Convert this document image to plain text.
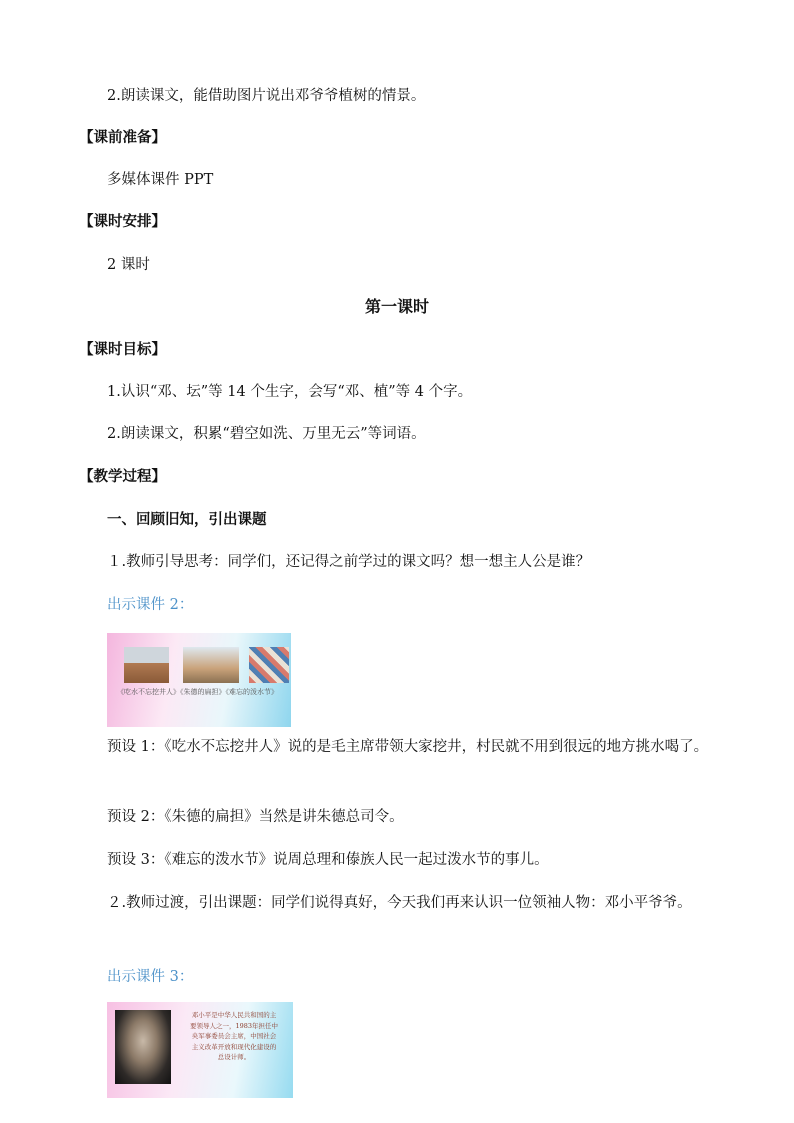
2.朗读课文，能借助图片说出邓爷爷植树的情景。
【课前准备】
多媒体课件 PPT
【课时安排】
2 课时
第一课时
【课时目标】
1.认识“邓、坛”等 14 个生字，会写“邓、植”等 4 个字。
2.朗读课文，积累“碧空如洗、万里无云”等词语。
【教学过程】
一、回顾旧知，引出课题
１.教师引导思考：同学们，还记得之前学过的课文吗？想一想主人公是谁？
出示课件 2：
《吃水不忘挖井人》《朱德的扁担》《难忘的泼水节》
预设 1：《吃水不忘挖井人》说的是毛主席带领大家挖井，村民就不用到很远的地方挑水喝了。
预设 2：《朱德的扁担》当然是讲朱德总司令。
预设 3：《难忘的泼水节》说周总理和傣族人民一起过泼水节的事儿。
２.教师过渡，引出课题：同学们说得真好，今天我们再来认识一位领袖人物：邓小平爷爷。
出示课件 3：
邓小平是中华人民共和国的主要领导人之一，1983年担任中央军事委员会主席，中国社会主义改革开放和现代化建设的总设计师。
